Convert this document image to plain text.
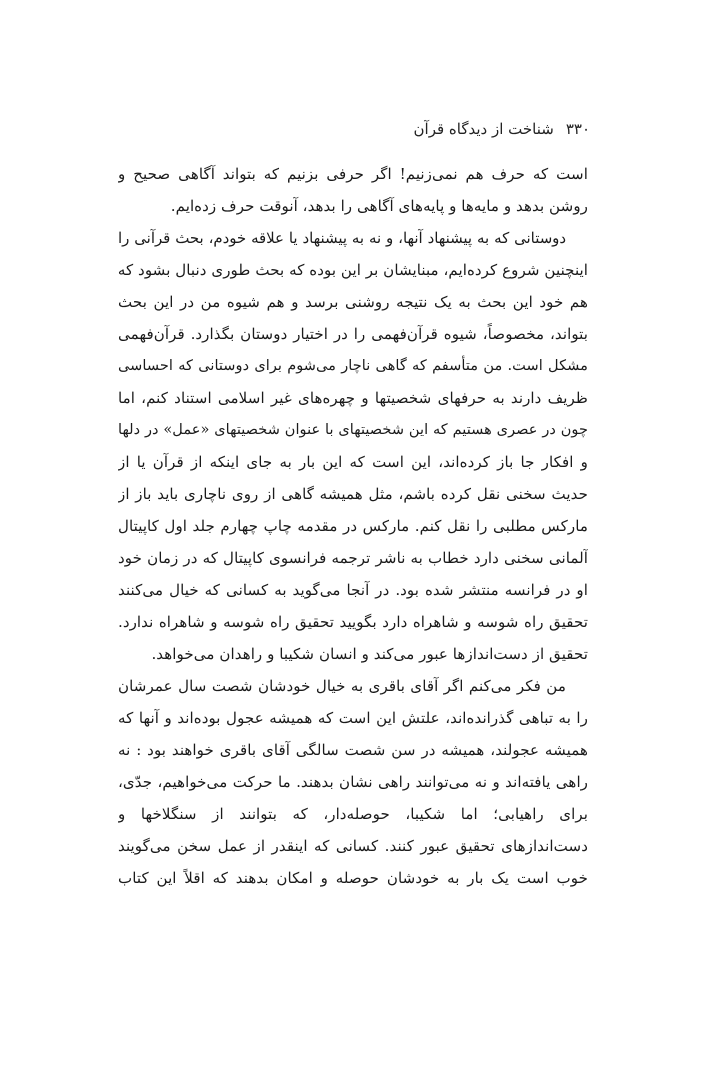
۳۳۰شناخت از دیدگاه قرآن
است که حرف هم نمی‌زنیم! اگر حرفی بزنیم که بتواند آگاهی صحیح و
روشن بدهد و مایه‌ها و پایه‌های آگاهی را بدهد، آنوقت حرف زده‌ایم.
دوستانی که به پیشنهاد آنها، و نه به پیشنهاد یا علاقه خودم، بحث قرآنی را
اینچنین شروع کرده‌ایم، مبنایشان بر این بوده که بحث طوری دنبال بشود که
هم خود این بحث به یک نتیجه روشنی برسد و هم شیوه من در این بحث
بتواند، مخصوصاً، شیوه قرآن‌فهمی را در اختیار دوستان بگذارد. قرآن‌فهمی
مشکل است. من متأسفم که گاهی ناچار می‌شوم برای دوستانی که احساسی
ظریف دارند به حرفهای شخصیتها و چهره‌های غیر اسلامی استناد کنم، اما
چون در عصری هستیم که این شخصیتهای با عنوان شخصیتهای «عمل» در دلها
و افکار جا باز کرده‌اند، این است که این بار به جای اینکه از قرآن یا از
حدیث سخنی نقل کرده باشم، مثل همیشه گاهی از روی ناچاری باید باز از
مارکس مطلبی را نقل کنم. مارکس در مقدمه چاپ چهارم جلد اول کاپیتال
آلمانی سخنی دارد خطاب به ناشر ترجمه فرانسوی کاپیتال که در زمان خود
او در فرانسه منتشر شده بود. در آنجا می‌گوید به کسانی که خیال می‌کنند
تحقیق راه شوسه و شاهراه دارد بگویید تحقیق راه شوسه و شاهراه ندارد.
تحقیق از دست‌اندازها عبور می‌کند و انسان شکیبا و راهدان می‌خواهد.
من فکر می‌کنم اگر آقای باقری به خیال خودشان شصت سال عمرشان
را به تباهی گذرانده‌اند، علتش این است که همیشه عجول بوده‌اند و آنها که
همیشه عجولند، همیشه در سن شصت سالگی آقای باقری خواهند بود : نه
راهی یافته‌اند و نه می‌توانند راهی نشان بدهند. ما حرکت می‌خواهیم، جدّی،
برای راهیابی؛ اما شکیبا، حوصله‌دار، که بتوانند از سنگلاخها و
دست‌اندازهای تحقیق عبور کنند. کسانی که اینقدر از عمل سخن می‌گویند
خوب است یک بار به خودشان حوصله و امکان بدهند که اقلاً این کتاب
